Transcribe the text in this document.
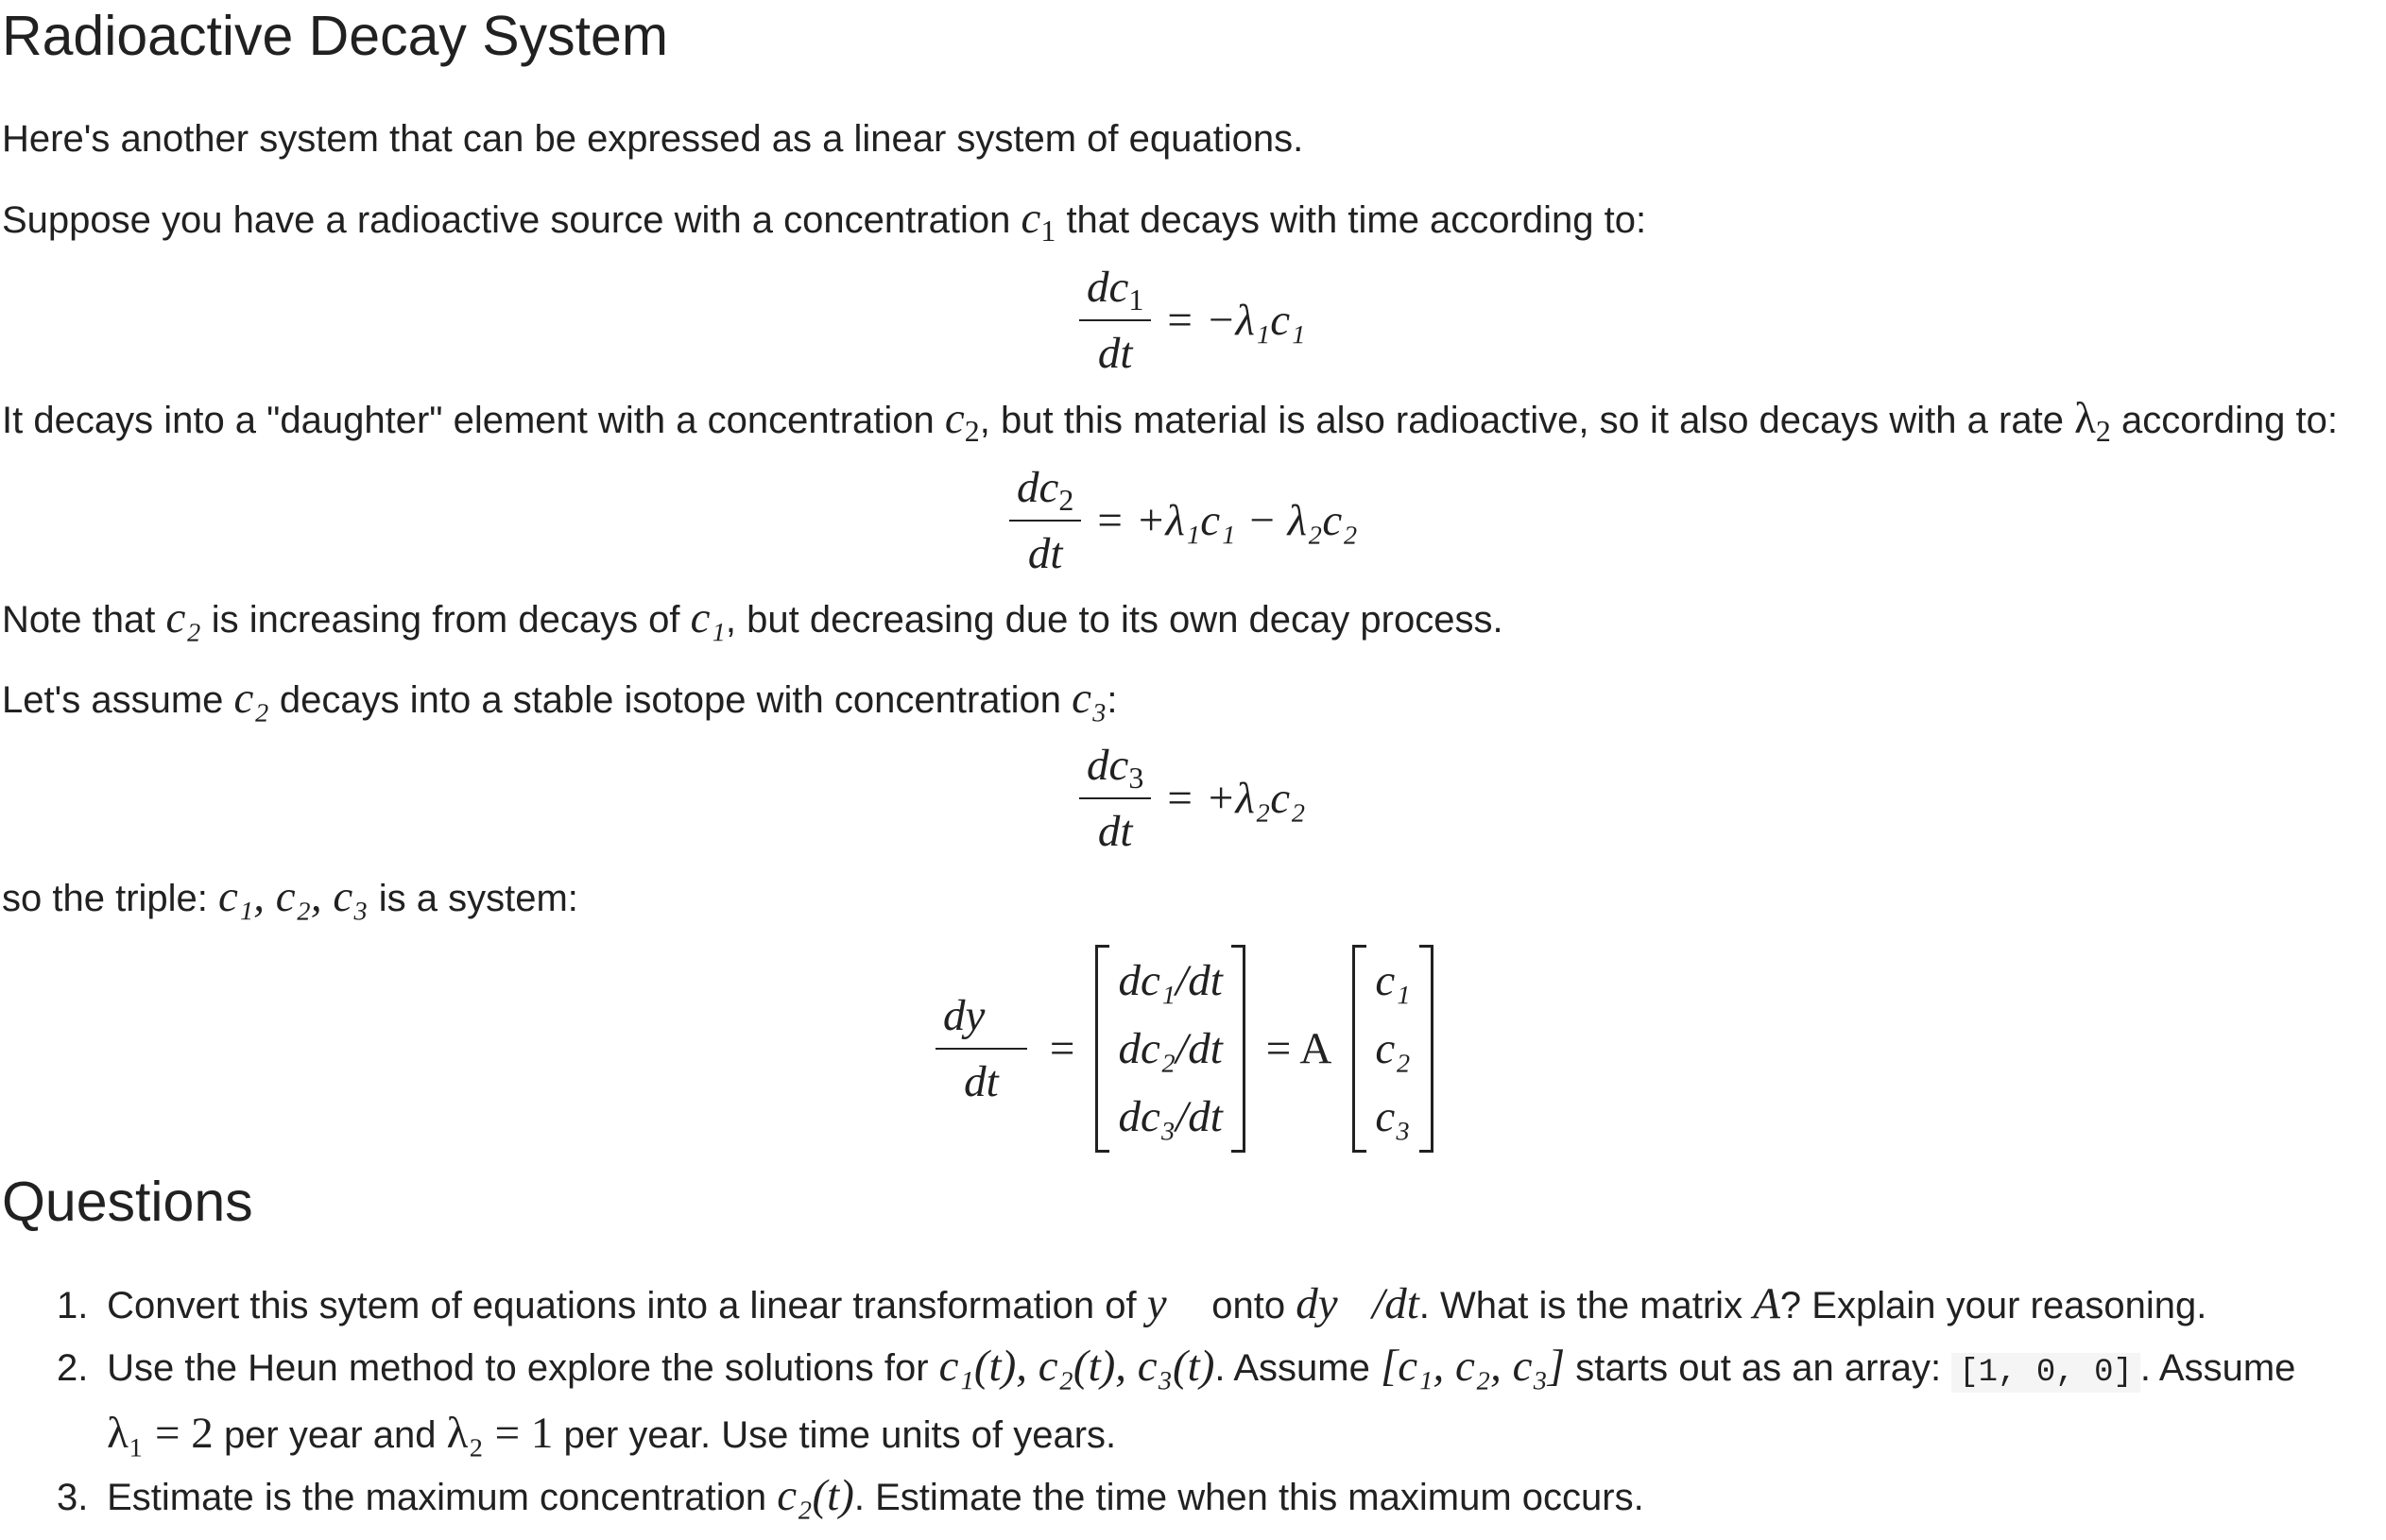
Radioactive Decay System
Here's another system that can be expressed as a linear system of equations.
Suppose you have a radioactive source with a concentration $c_1$ that decays with time according to:
$\frac{dc_1}{dt} = -\lambda_1c_1$
It decays into a "daughter" element with a concentration $c_2$, but this material is also radioactive, so it also decays with a rate $\lambda_2$ according to:
$\frac{dc_2}{dt} = +\lambda_1c_1 - \lambda_2c_2$
Note that c₂ is increasing from decays of c₁, but decreasing due to its own decay process.
Let's assume c₂ decays into a stable isotope with concentration c₃:
$\frac{dc_3}{dt} = +\lambda_2c_2$
so the triple: c₁, c₂, c₃ is a system:
$\frac{dy⃗}{dt}$ =
dc₁/dt
dc₂/dt
dc₃/dt
= A
c₁
c₂
c₃
Questions
1. Convert this sytem of equations into a linear transformation of y⃗ onto dy⃗/dt. What is the matrix A? Explain your reasoning.
2. Use the Heun method to explore the solutions for c₁(t), c₂(t), c₃(t). Assume [c₁, c₂, c₃] starts out as an array: [1, 0, 0] . Assume
λ₁ = 2 per year and λ₂ = 1 per year. Use time units of years.
3. Estimate is the maximum concentration c₂(t). Estimate the time when this maximum occurs.
